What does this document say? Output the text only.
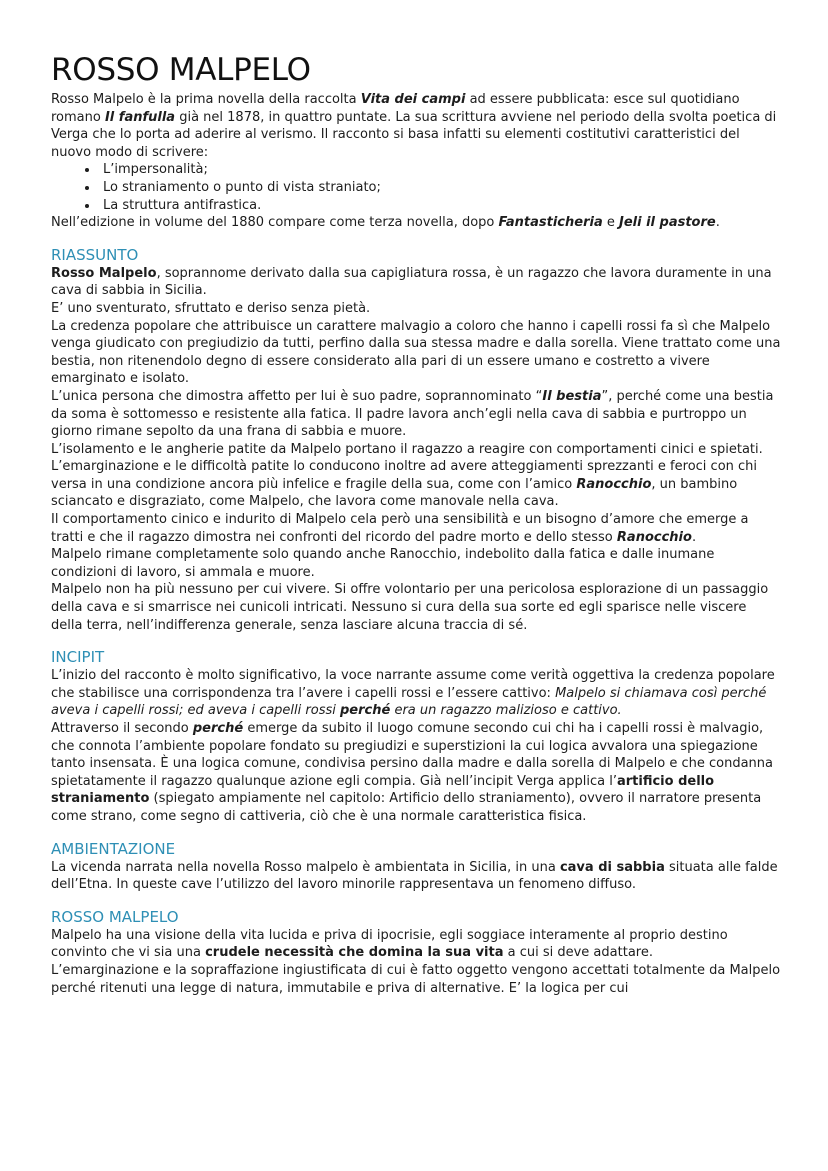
ROSSO MALPELO

Rosso Malpelo è la prima novella della raccolta Vita dei campi ad essere pubblicata: esce sul quotidiano romano Il fanfulla già nel 1878, in quattro puntate. La sua scrittura avviene nel periodo della svolta poetica di Verga che lo porta ad aderire al verismo. Il racconto si basa infatti su elementi costitutivi caratteristici del nuovo modo di scrivere:

• L’impersonalità;
• Lo straniamento o punto di vista straniato;
• La struttura antifrastica.

Nell’edizione in volume del 1880 compare come terza novella, dopo Fantasticheria e Jeli il pastore.

RIASSUNTO

Rosso Malpelo, soprannome derivato dalla sua capigliatura rossa, è un ragazzo che lavora duramente in una cava di sabbia in Sicilia.

E’ uno sventurato, sfruttato e deriso senza pietà.

La credenza popolare che attribuisce un carattere malvagio a coloro che hanno i capelli rossi fa sì che Malpelo venga giudicato con pregiudizio da tutti, perfino dalla sua stessa madre e dalla sorella. Viene trattato come una bestia, non ritenendolo degno di essere considerato alla pari di un essere umano e costretto a vivere emarginato e isolato.

L’unica persona che dimostra affetto per lui è suo padre, soprannominato “Il bestia”, perché come una bestia da soma è sottomesso e resistente alla fatica. Il padre lavora anch’egli nella cava di sabbia e purtroppo un giorno rimane sepolto da una frana di sabbia e muore.

L’isolamento e le angherie patite da Malpelo portano il ragazzo a reagire con comportamenti cinici e spietati. L’emarginazione e le difficoltà patite lo conducono inoltre ad avere atteggiamenti sprezzanti e feroci con chi versa in una condizione ancora più infelice e fragile della sua, come con l’amico Ranocchio, un bambino sciancato e disgraziato, come Malpelo, che lavora come manovale nella cava.

Il comportamento cinico e indurito di Malpelo cela però una sensibilità e un bisogno d’amore che emerge a tratti e che il ragazzo dimostra nei confronti del ricordo del padre morto e dello stesso Ranocchio.

Malpelo rimane completamente solo quando anche Ranocchio, indebolito dalla fatica e dalle inumane condizioni di lavoro, si ammala e muore.

Malpelo non ha più nessuno per cui vivere. Si offre volontario per una pericolosa esplorazione di un passaggio della cava e si smarrisce nei cunicoli intricati. Nessuno si cura della sua sorte ed egli sparisce nelle viscere della terra, nell’indifferenza generale, senza lasciare alcuna traccia di sé.

INCIPIT

L’inizio del racconto è molto significativo, la voce narrante assume come verità oggettiva la credenza popolare che stabilisce una corrispondenza tra l’avere i capelli rossi e l’essere cattivo: Malpelo si chiamava così perché aveva i capelli rossi; ed aveva i capelli rossi perché era un ragazzo malizioso e cattivo.

Attraverso il secondo perché emerge da subito il luogo comune secondo cui chi ha i capelli rossi è malvagio, che connota l’ambiente popolare fondato su pregiudizi e superstizioni la cui logica avvalora una spiegazione tanto insensata. È una logica comune, condivisa persino dalla madre e dalla sorella di Malpelo e che condanna spietatamente il ragazzo qualunque azione egli compia. Già nell’incipit Verga applica l’artificio dello straniamento (spiegato ampiamente nel capitolo: Artificio dello straniamento), ovvero il narratore presenta come strano, come segno di cattiveria, ciò che è una normale caratteristica fisica.

AMBIENTAZIONE

La vicenda narrata nella novella Rosso malpelo è ambientata in Sicilia, in una cava di sabbia situata alle falde dell’Etna. In queste cave l’utilizzo del lavoro minorile rappresentava un fenomeno diffuso.

ROSSO MALPELO

Malpelo ha una visione della vita lucida e priva di ipocrisie, egli soggiace interamente al proprio destino convinto che vi sia una crudele necessità che domina la sua vita a cui si deve adattare.

L’emarginazione e la sopraffazione ingiustificata di cui è fatto oggetto vengono accettati totalmente da Malpelo perché ritenuti una legge di natura, immutabile e priva di alternative. E’ la logica per cui
